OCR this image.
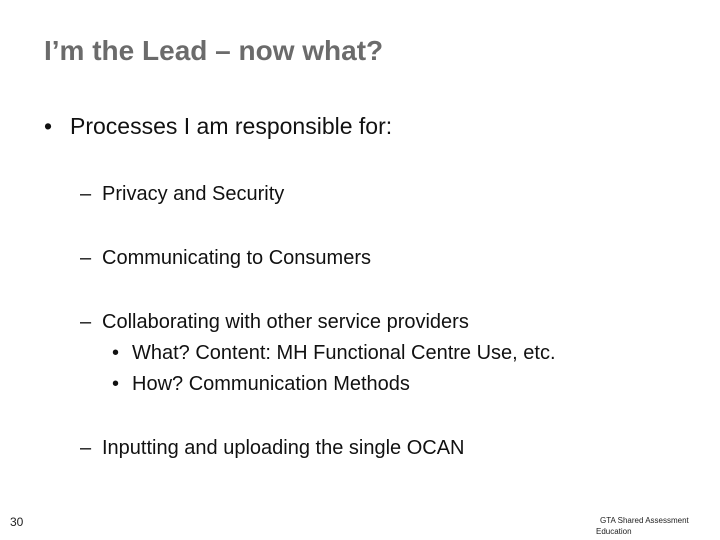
I’m the Lead – now what?
• Processes I am responsible for:
– Privacy and Security
– Communicating to Consumers
– Collaborating with other service providers
• What? Content: MH Functional Centre Use, etc.
• How? Communication Methods
– Inputting and uploading the single OCAN
30	GTA Shared Assessment
Education
